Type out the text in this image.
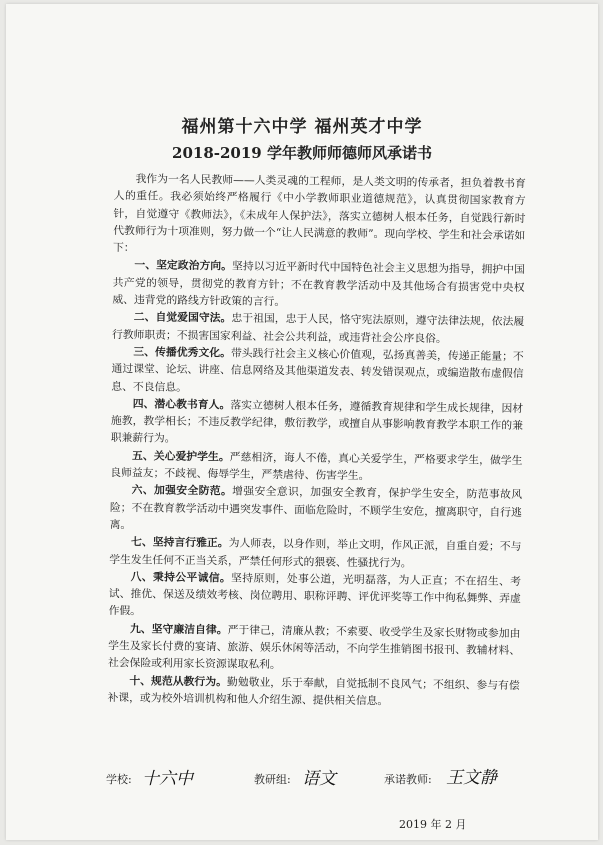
福州第十六中学 福州英才中学
2018-2019 学年教师师德师风承诺书

我作为一名人民教师——人类灵魂的工程师，是人类文明的传承者，担负着教书育人的重任。我必须始终严格履行《中小学教师职业道德规范》，认真贯彻国家教育方针，自觉遵守《教师法》，《未成年人保护法》，落实立德树人根本任务，自觉践行新时代教师行为十项准则，努力做一个“让人民满意的教师”。现向学校、学生和社会承诺如下：

一、坚定政治方向。坚持以习近平新时代中国特色社会主义思想为指导，拥护中国共产党的领导，贯彻党的教育方针；不在教育教学活动中及其他场合有损害党中央权威、违背党的路线方针政策的言行。

二、自觉爱国守法。忠于祖国，忠于人民，恪守宪法原则，遵守法律法规，依法履行教师职责；不损害国家利益、社会公共利益，或违背社会公序良俗。

三、传播优秀文化。带头践行社会主义核心价值观，弘扬真善美，传递正能量；不通过课堂、论坛、讲座、信息网络及其他渠道发表、转发错误观点，或编造散布虚假信息、不良信息。

四、潜心教书育人。落实立德树人根本任务，遵循教育规律和学生成长规律，因材施教，教学相长；不违反教学纪律，敷衍教学，或擅自从事影响教育教学本职工作的兼职兼薪行为。

五、关心爱护学生。严慈相济，诲人不倦，真心关爱学生，严格要求学生，做学生良师益友；不歧视、侮辱学生，严禁虐待、伤害学生。

六、加强安全防范。增强安全意识，加强安全教育，保护学生安全，防范事故风险；不在教育教学活动中遇突发事件、面临危险时，不顾学生安危，擅离职守，自行逃离。

七、坚持言行雅正。为人师表，以身作则，举止文明，作风正派，自重自爱；不与学生发生任何不正当关系，严禁任何形式的猥亵、性骚扰行为。

八、秉持公平诚信。坚持原则，处事公道，光明磊落，为人正直；不在招生、考试、推优、保送及绩效考核、岗位聘用、职称评聘、评优评奖等工作中徇私舞弊、弄虚作假。

九、坚守廉洁自律。严于律己，清廉从教；不索要、收受学生及家长财物或参加由学生及家长付费的宴请、旅游、娱乐休闲等活动，不向学生推销图书报刊、教辅材料、社会保险或利用家长资源谋取私利。

十、规范从教行为。勤勉敬业，乐于奉献，自觉抵制不良风气；不组织、参与有偿补课，或为校外培训机构和他人介绍生源、提供相关信息。

学校: 十六中	教研组: 语文	承诺教师: 王文静
2019 年 2 月
